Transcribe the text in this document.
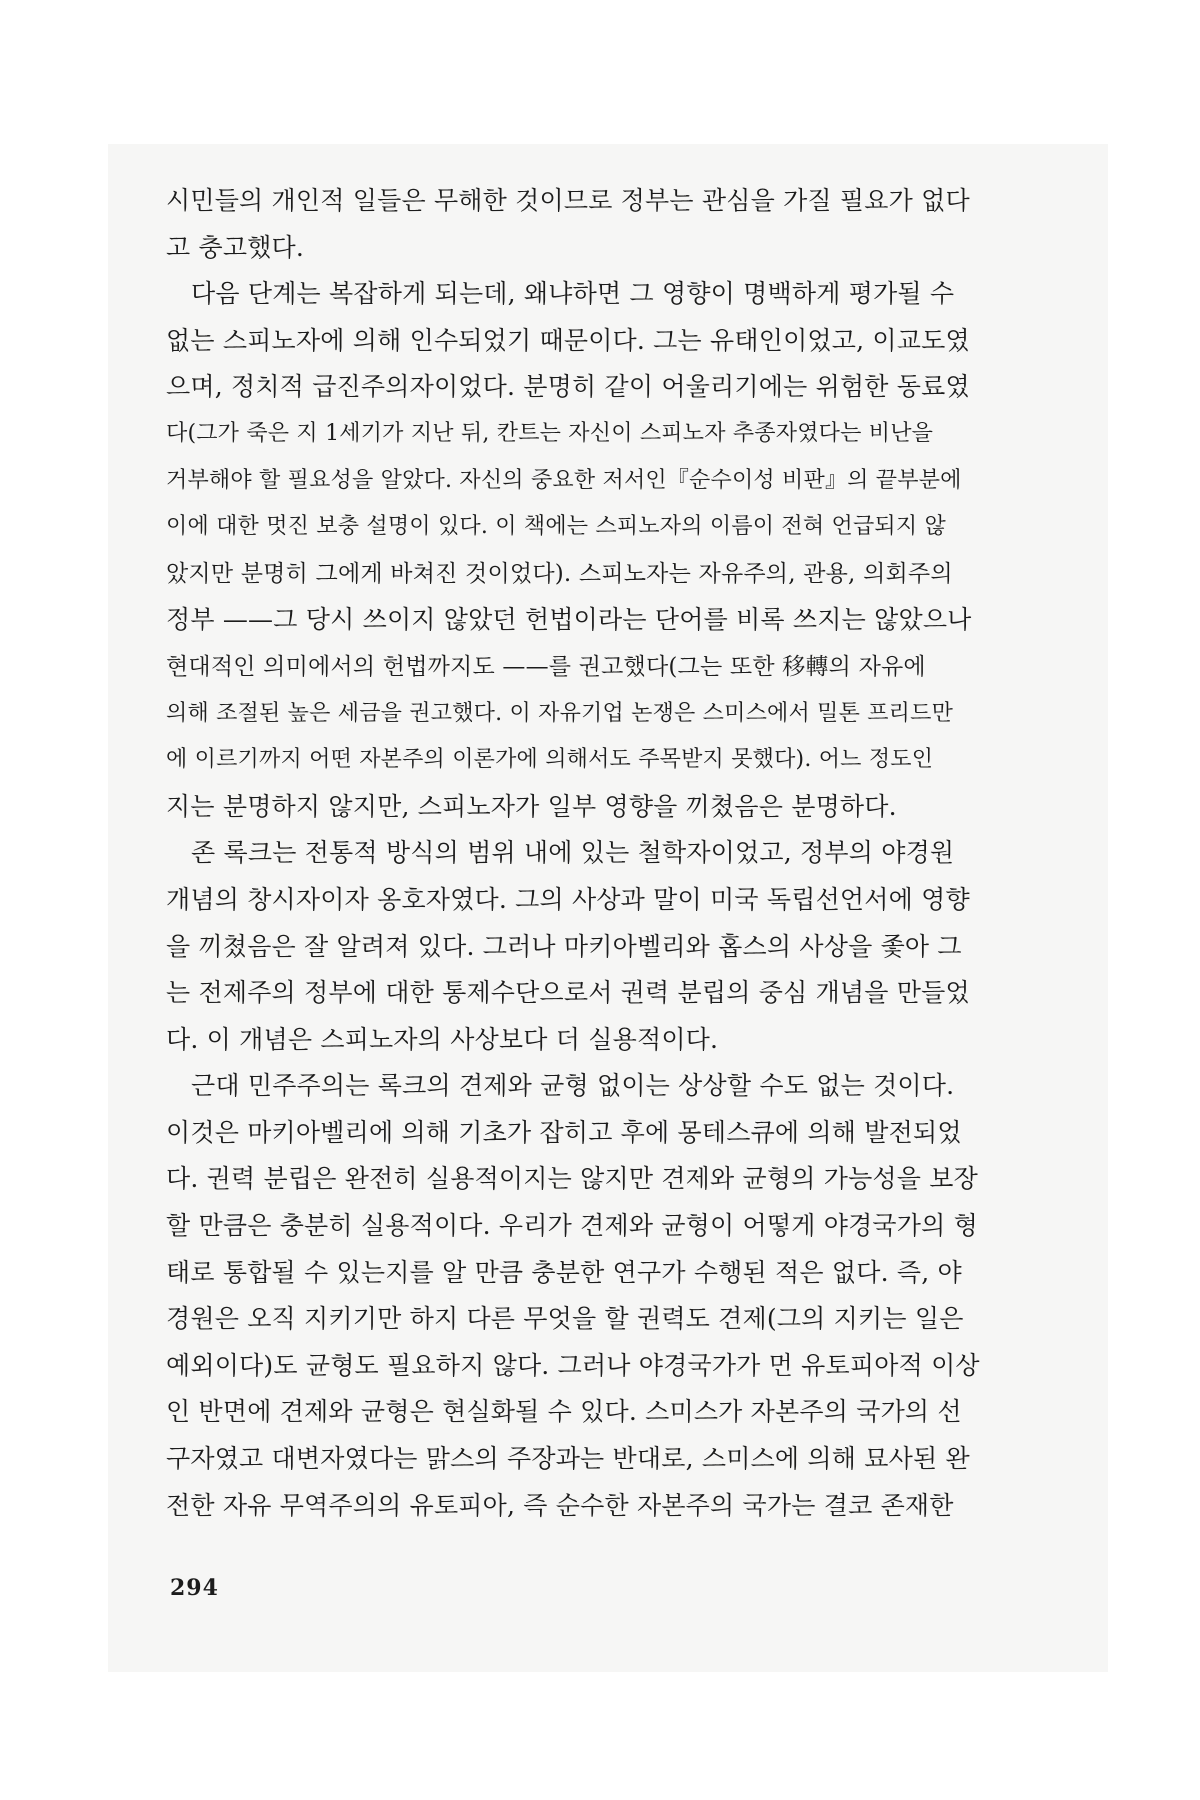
시민들의 개인적 일들은 무해한 것이므로 정부는 관심을 가질 필요가 없다
고 충고했다.
다음 단계는 복잡하게 되는데, 왜냐하면 그 영향이 명백하게 평가될 수
없는 스피노자에 의해 인수되었기 때문이다. 그는 유태인이었고, 이교도였
으며, 정치적 급진주의자이었다. 분명히 같이 어울리기에는 위험한 동료였
다(그가 죽은 지 1세기가 지난 뒤, 칸트는 자신이 스피노자 추종자였다는 비난을
거부해야 할 필요성을 알았다. 자신의 중요한 저서인『순수이성 비판』의 끝부분에
이에 대한 멋진 보충 설명이 있다. 이 책에는 스피노자의 이름이 전혀 언급되지 않
았지만 분명히 그에게 바쳐진 것이었다). 스피노자는 자유주의, 관용, 의회주의
정부 ——그 당시 쓰이지 않았던 헌법이라는 단어를 비록 쓰지는 않았으나
현대적인 의미에서의 헌법까지도 ——를 권고했다(그는 또한 移轉의 자유에
의해 조절된 높은 세금을 권고했다. 이 자유기업 논쟁은 스미스에서 밀톤 프리드만
에 이르기까지 어떤 자본주의 이론가에 의해서도 주목받지 못했다). 어느 정도인
지는 분명하지 않지만, 스피노자가 일부 영향을 끼쳤음은 분명하다.
존 록크는 전통적 방식의 범위 내에 있는 철학자이었고, 정부의 야경원
개념의 창시자이자 옹호자였다. 그의 사상과 말이 미국 독립선언서에 영향
을 끼쳤음은 잘 알려져 있다. 그러나 마키아벨리와 홉스의 사상을 좇아 그
는 전제주의 정부에 대한 통제수단으로서 권력 분립의 중심 개념을 만들었
다. 이 개념은 스피노자의 사상보다 더 실용적이다.
근대 민주주의는 록크의 견제와 균형 없이는 상상할 수도 없는 것이다.
이것은 마키아벨리에 의해 기초가 잡히고 후에 몽테스큐에 의해 발전되었
다. 권력 분립은 완전히 실용적이지는 않지만 견제와 균형의 가능성을 보장
할 만큼은 충분히 실용적이다. 우리가 견제와 균형이 어떻게 야경국가의 형
태로 통합될 수 있는지를 알 만큼 충분한 연구가 수행된 적은 없다. 즉, 야
경원은 오직 지키기만 하지 다른 무엇을 할 권력도 견제(그의 지키는 일은
예외이다)도 균형도 필요하지 않다. 그러나 야경국가가 먼 유토피아적 이상
인 반면에 견제와 균형은 현실화될 수 있다. 스미스가 자본주의 국가의 선
구자였고 대변자였다는 맑스의 주장과는 반대로, 스미스에 의해 묘사된 완
전한 자유 무역주의의 유토피아, 즉 순수한 자본주의 국가는 결코 존재한
294
